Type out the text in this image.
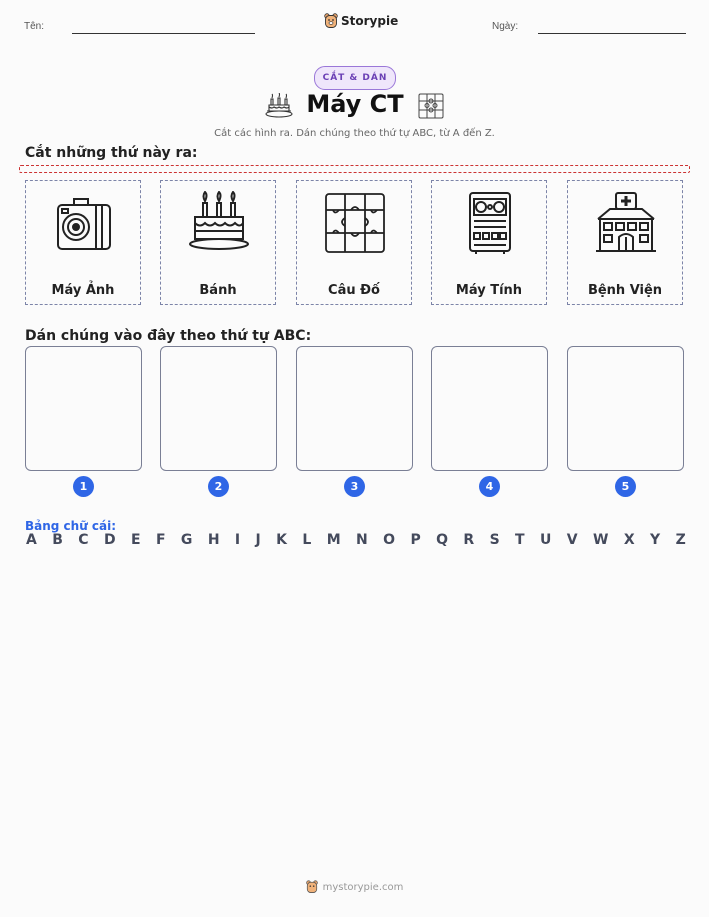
Tên:	Storypie	Ngày:
CẮT & DÁN
Máy CT
Cắt các hình ra. Dán chúng theo thứ tự ABC, từ A đến Z.
Cắt những thứ này ra:
Máy Ảnh	Bánh	Câu Đố	Máy Tính	Bệnh Viện
Dán chúng vào đây theo thứ tự ABC:
1	2	3	4	5
Bảng chữ cái:
A B C D E F G H I J K L M N O P Q R S T U V W X Y Z
mystorypie.com
